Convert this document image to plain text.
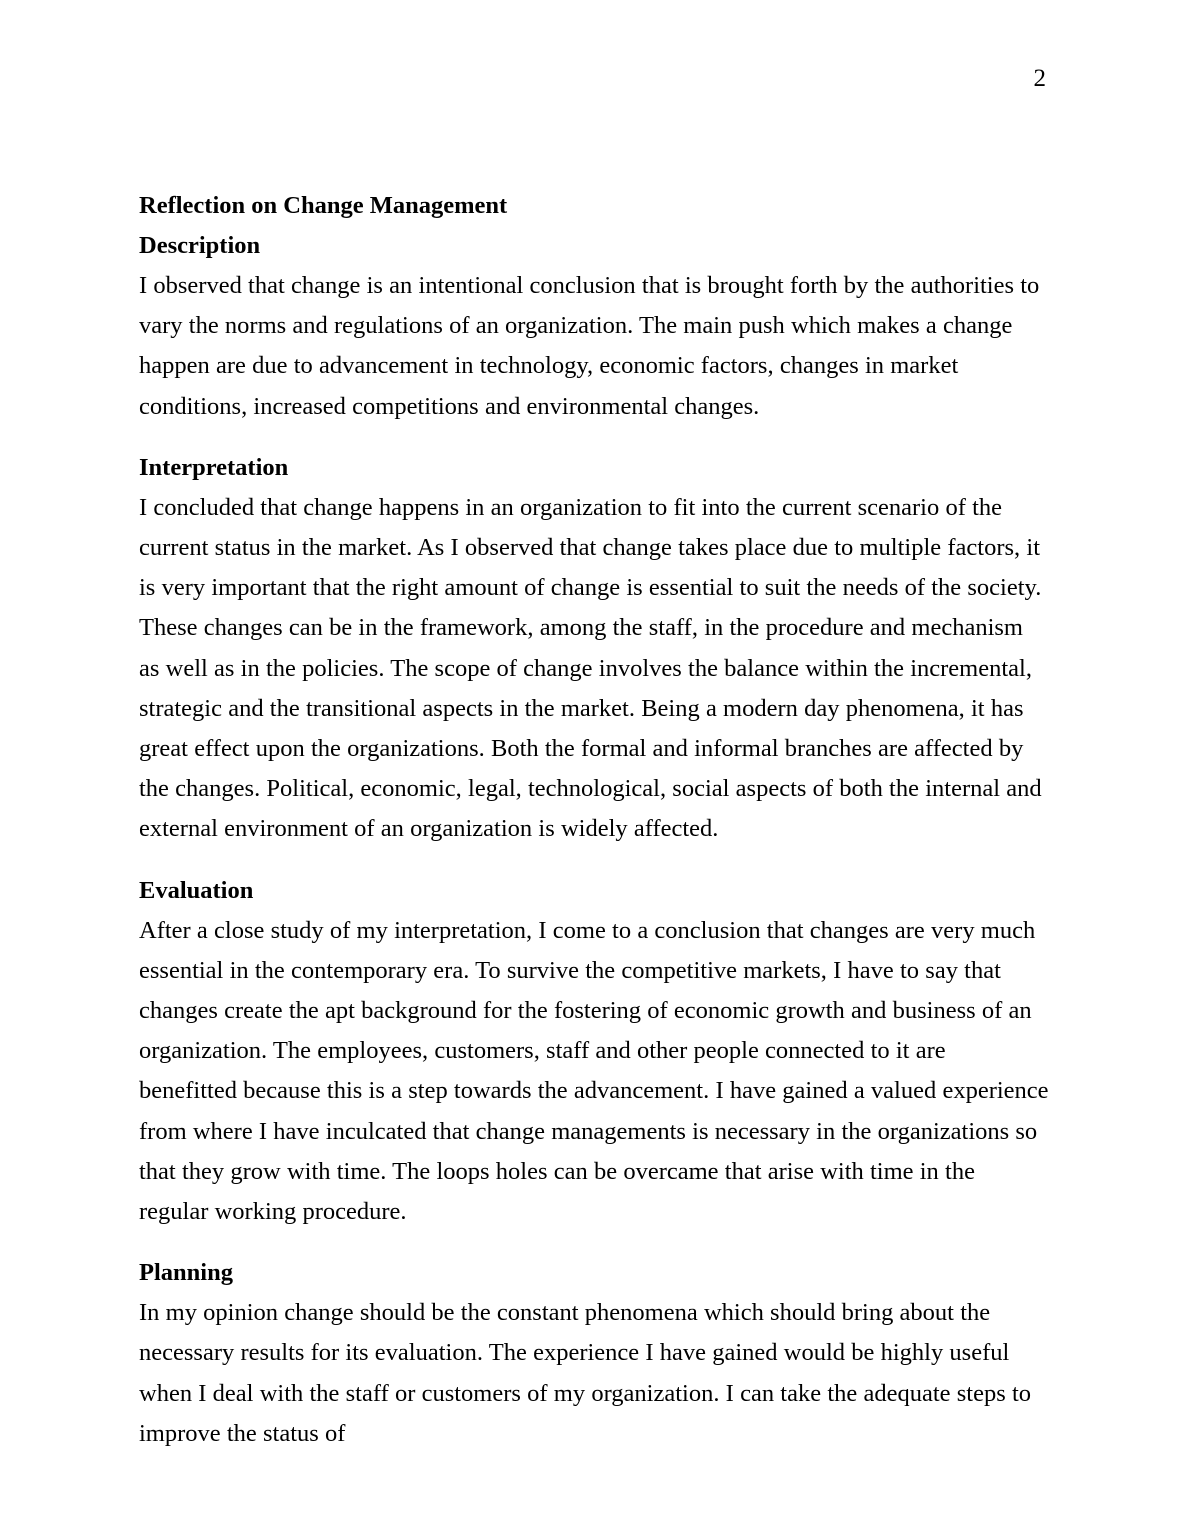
2
Reflection on Change Management
Description

I observed that change is an intentional conclusion that is brought forth by the authorities to vary the norms and regulations of an organization. The main push which makes a change happen are due to advancement in technology, economic factors, changes in market conditions, increased competitions and environmental changes.

Interpretation

I concluded that change happens in an organization to fit into the current scenario of the current status in the market. As I observed that change takes place due to multiple factors, it is very important that the right amount of change is essential to suit the needs of the society. These changes can be in the framework, among the staff, in the procedure and mechanism as well as in the policies. The scope of change involves the balance within the incremental, strategic and the transitional aspects in the market. Being a modern day phenomena, it has great effect upon the organizations. Both the formal and informal branches are affected by the changes. Political, economic, legal, technological, social aspects of both the internal and external environment of an organization is widely affected.

Evaluation

After a close study of my interpretation, I come to a conclusion that changes are very much essential in the contemporary era. To survive the competitive markets, I have to say that changes create the apt background for the fostering of economic growth and business of an organization. The employees, customers, staff and other people connected to it are benefitted because this is a step towards the advancement. I have gained a valued experience from where I have inculcated that change managements is necessary in the organizations so that they grow with time. The loops holes can be overcame that arise with time in the regular working procedure.

Planning

In my opinion change should be the constant phenomena which should bring about the necessary results for its evaluation. The experience I have gained would be highly useful when I deal with the staff or customers of my organization. I can take the adequate steps to improve the status of
